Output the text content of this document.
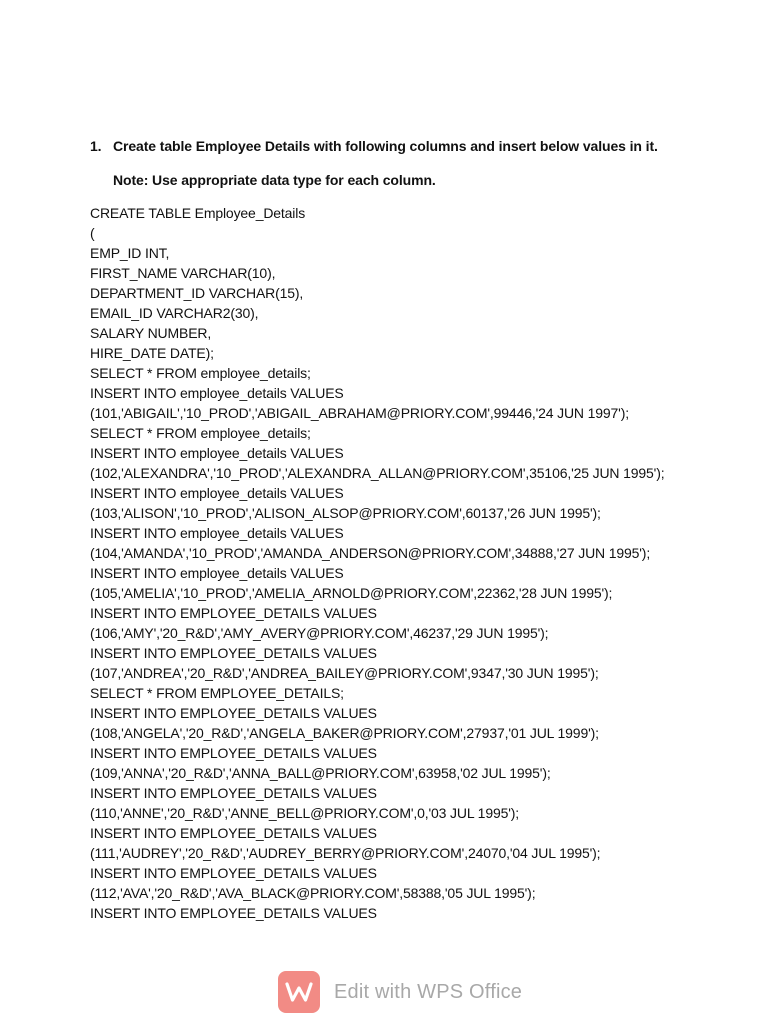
1. Create table Employee Details with following columns and insert below values in it.
Note: Use appropriate data type for each column.
CREATE TABLE Employee_Details
(
EMP_ID INT,
FIRST_NAME VARCHAR(10),
DEPARTMENT_ID VARCHAR(15),
EMAIL_ID VARCHAR2(30),
SALARY NUMBER,
HIRE_DATE DATE);
SELECT * FROM employee_details;
INSERT INTO employee_details VALUES
(101,'ABIGAIL','10_PROD','ABIGAIL_ABRAHAM@PRIORY.COM',99446,'24 JUN 1997');
SELECT * FROM employee_details;
INSERT INTO employee_details VALUES
(102,'ALEXANDRA','10_PROD','ALEXANDRA_ALLAN@PRIORY.COM',35106,'25 JUN 1995');
INSERT INTO employee_details VALUES
(103,'ALISON','10_PROD','ALISON_ALSOP@PRIORY.COM',60137,'26 JUN 1995');
INSERT INTO employee_details VALUES
(104,'AMANDA','10_PROD','AMANDA_ANDERSON@PRIORY.COM',34888,'27 JUN 1995');
INSERT INTO employee_details VALUES
(105,'AMELIA','10_PROD','AMELIA_ARNOLD@PRIORY.COM',22362,'28 JUN 1995');
INSERT INTO EMPLOYEE_DETAILS VALUES
(106,'AMY','20_R&D','AMY_AVERY@PRIORY.COM',46237,'29 JUN 1995');
INSERT INTO EMPLOYEE_DETAILS VALUES
(107,'ANDREA','20_R&D','ANDREA_BAILEY@PRIORY.COM',9347,'30 JUN 1995');
SELECT * FROM EMPLOYEE_DETAILS;
INSERT INTO EMPLOYEE_DETAILS VALUES
(108,'ANGELA','20_R&D','ANGELA_BAKER@PRIORY.COM',27937,'01 JUL 1999');
INSERT INTO EMPLOYEE_DETAILS VALUES
(109,'ANNA','20_R&D','ANNA_BALL@PRIORY.COM',63958,'02 JUL 1995');
INSERT INTO EMPLOYEE_DETAILS VALUES
(110,'ANNE','20_R&D','ANNE_BELL@PRIORY.COM',0,'03 JUL 1995');
INSERT INTO EMPLOYEE_DETAILS VALUES
(111,'AUDREY','20_R&D','AUDREY_BERRY@PRIORY.COM',24070,'04 JUL 1995');
INSERT INTO EMPLOYEE_DETAILS VALUES
(112,'AVA','20_R&D','AVA_BLACK@PRIORY.COM',58388,'05 JUL 1995');
INSERT INTO EMPLOYEE_DETAILS VALUES
Edit with WPS Office
